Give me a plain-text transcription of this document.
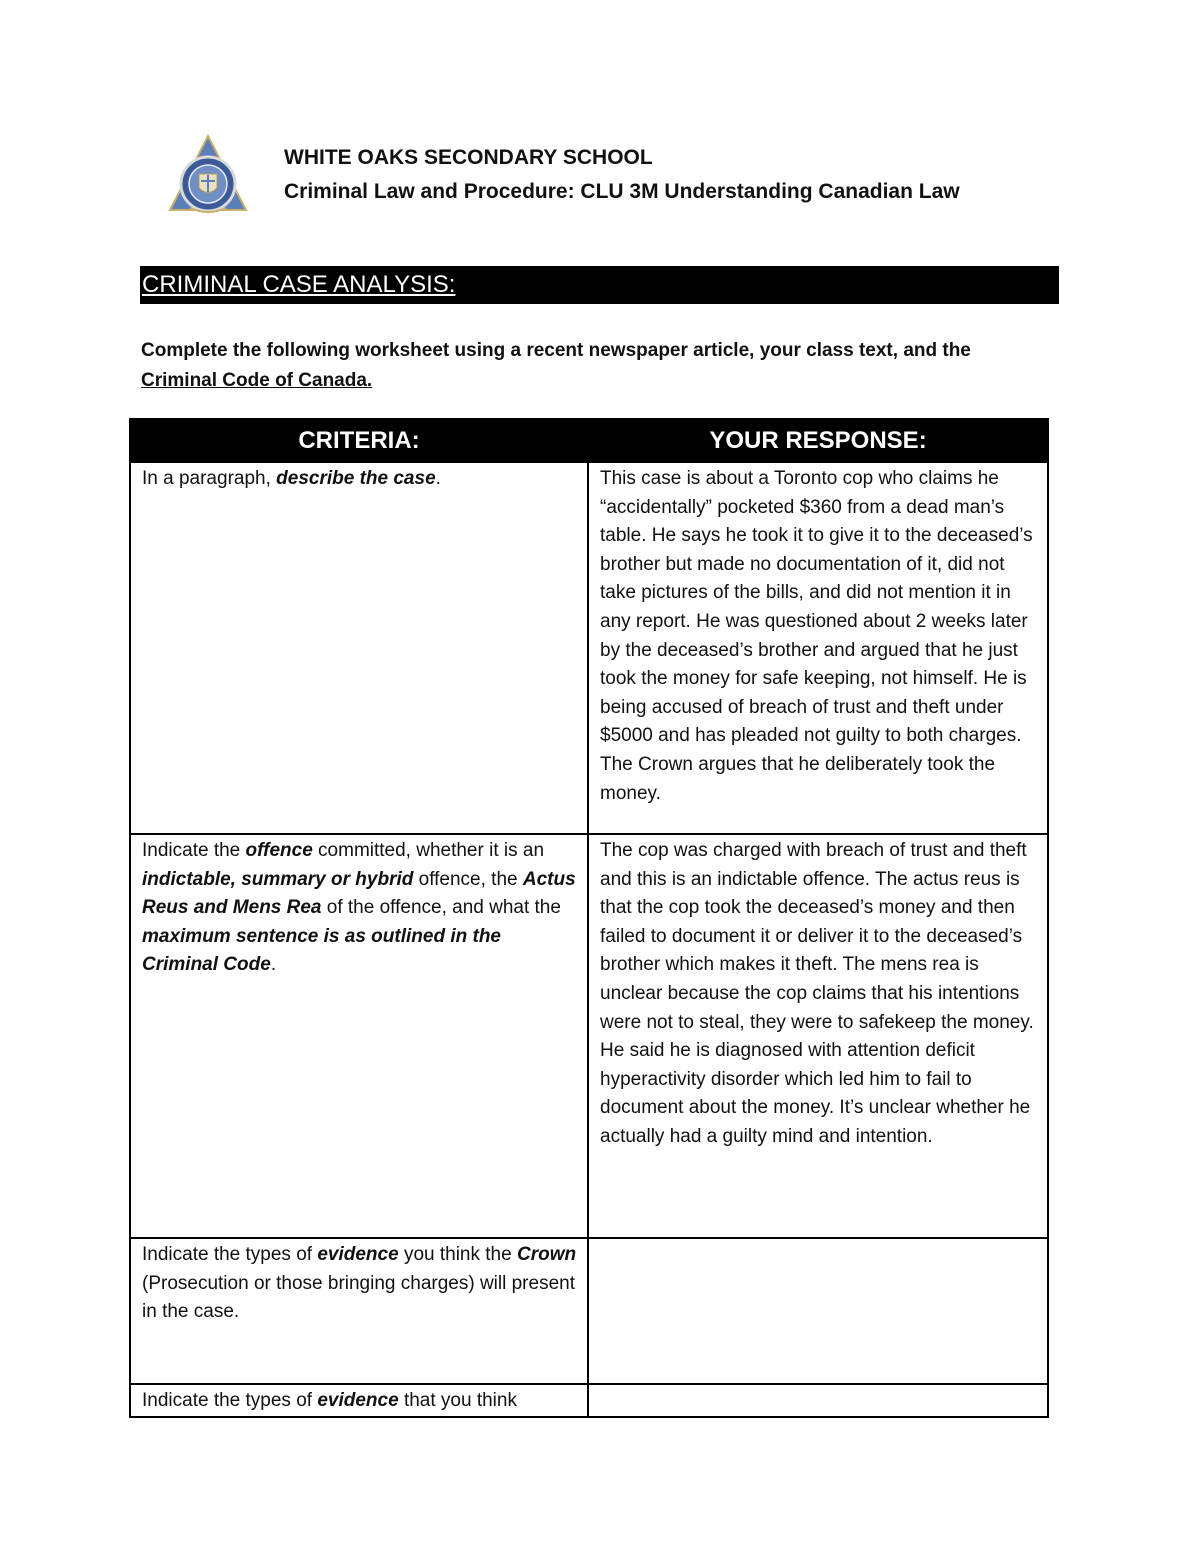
WHITE OAKS SECONDARY SCHOOL
Criminal Law and Procedure: CLU 3M Understanding Canadian Law
CRIMINAL CASE ANALYSIS:
Complete the following worksheet using a recent newspaper article, your class text, and the
Criminal Code of Canada.
CRITERIA:	YOUR RESPONSE:
In a paragraph, describe the case.	This case is about a Toronto cop who claims he “accidentally” pocketed $360 from a dead man’s table. He says he took it to give it to the deceased’s brother but made no documentation of it, did not take pictures of the bills, and did not mention it in any report. He was questioned about 2 weeks later by the deceased’s brother and argued that he just took the money for safe keeping, not himself. He is being accused of breach of trust and theft under $5000 and has pleaded not guilty to both charges. The Crown argues that he deliberately took the money.
Indicate the offence committed, whether it is an indictable, summary or hybrid offence, the Actus Reus and Mens Rea of the offence, and what the maximum sentence is as outlined in the Criminal Code.	The cop was charged with breach of trust and theft and this is an indictable offence. The actus reus is that the cop took the deceased’s money and then failed to document it or deliver it to the deceased’s brother which makes it theft. The mens rea is unclear because the cop claims that his intentions were not to steal, they were to safekeep the money. He said he is diagnosed with attention deficit hyperactivity disorder which led him to fail to document about the money. It’s unclear whether he actually had a guilty mind and intention.
Indicate the types of evidence you think the Crown (Prosecution or those bringing charges) will present in the case.	
Indicate the types of evidence that you think	
